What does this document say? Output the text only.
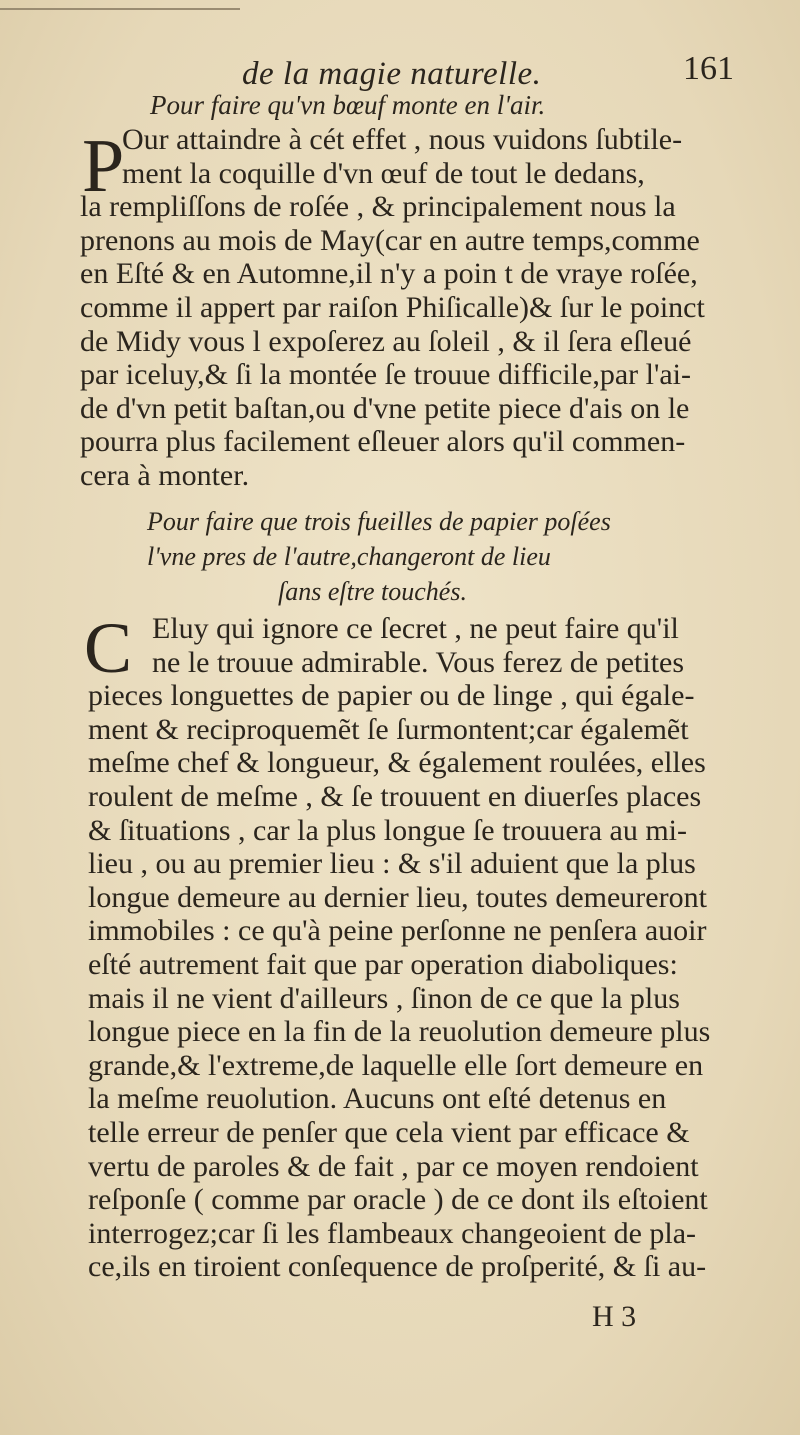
de la magie naturelle.	161
Pour faire qu'vn bœuf monte en l'air.
P
Our attaindre à cét effet , nous vuidons ſubtile-
ment la coquille d'vn œuf de tout le dedans,
la rempliſſons de roſée , & principalement nous la
prenons au mois de May(car en autre temps,comme
en Eſté & en Automne,il n'y a poin t de vraye roſée,
comme il appert par raiſon Phiſicalle)& ſur le poinct
de Midy vous l expoſerez au ſoleil , & il ſera eſleué
par iceluy,& ſi la montée ſe trouue difficile,par l'ai-
de d'vn petit baſtan,ou d'vne petite piece d'ais on le
pourra plus facilement eſleuer alors qu'il commen-
cera à monter.
Pour faire que trois fueilles de papier poſées
l'vne pres de l'autre,changeront de lieu
ſans eſtre touchés.
C Eluy qui ignore ce ſecret , ne peut faire qu'il
ne le trouue admirable. Vous ferez de petites
pieces longuettes de papier ou de linge , qui égale-
ment & reciproquemẽt ſe ſurmontent;car égalemẽt
meſme chef & longueur, & également roulées, elles
roulent de meſme , & ſe trouuent en diuerſes places
& ſituations , car la plus longue ſe trouuera au mi-
lieu , ou au premier lieu : & s'il aduient que la plus
longue demeure au dernier lieu, toutes demeureront
immobiles : ce qu'à peine perſonne ne penſera auoir
eſté autrement fait que par operation diaboliques:
mais il ne vient d'ailleurs , ſinon de ce que la plus
longue piece en la fin de la reuolution demeure plus
grande,& l'extreme,de laquelle elle ſort demeure en
la meſme reuolution. Aucuns ont eſté detenus en
telle erreur de penſer que cela vient par efficace &
vertu de paroles & de fait , par ce moyen rendoient
reſponſe ( comme par oracle ) de ce dont ils eſtoient
interrogez;car ſi les flambeaux changeoient de pla-
ce,ils en tiroient conſequence de proſperité, & ſi au-
H 3
